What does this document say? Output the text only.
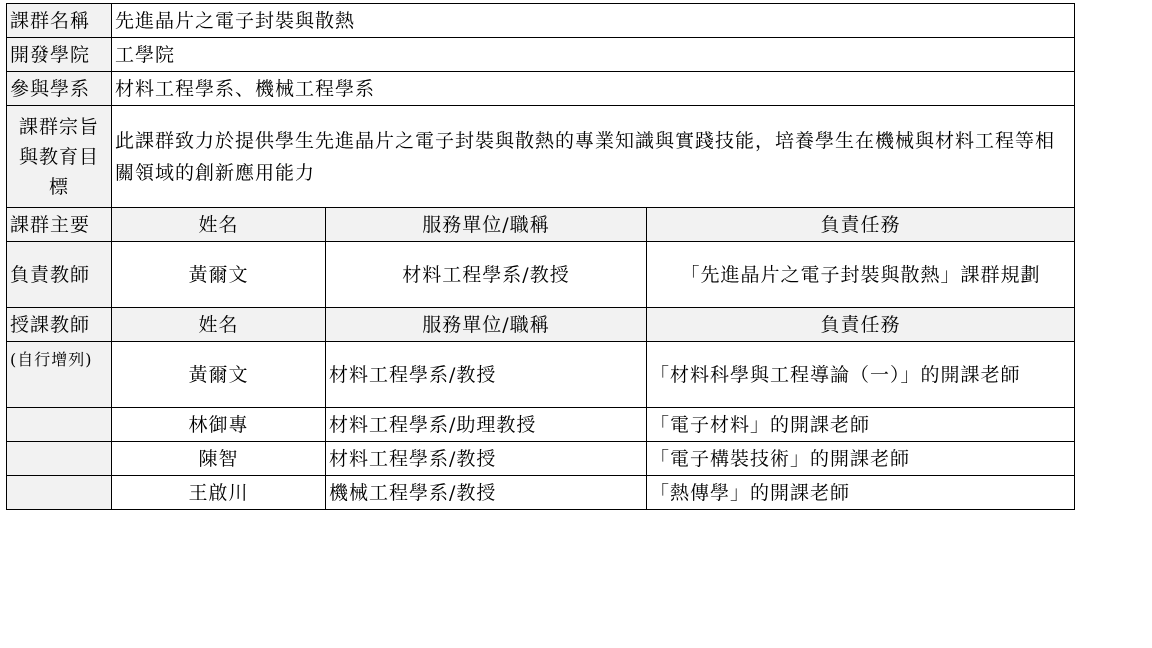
課群名稱	先進晶片之電子封裝與散熱		
開發學院	工學院		
參與學系	材料工程學系、機械工程學系		
課群宗旨與教育目標	此課群致力於提供學生先進晶片之電子封裝與散熱的專業知識與實踐技能，培養學生在機械與材料工程等相關領域的創新應用能力		
課群主要	姓名	服務單位/職稱	負責任務
負責教師	黃爾文	材料工程學系/教授	「先進晶片之電子封裝與散熱」課群規劃
授課教師	姓名	服務單位/職稱	負責任務
(自行增列)	黃爾文	材料工程學系/教授	「材料科學與工程導論（一）」的開課老師
	林御專	材料工程學系/助理教授	「電子材料」的開課老師
	陳智	材料工程學系/教授	「電子構裝技術」的開課老師
	王啟川	機械工程學系/教授	「熱傳學」的開課老師
